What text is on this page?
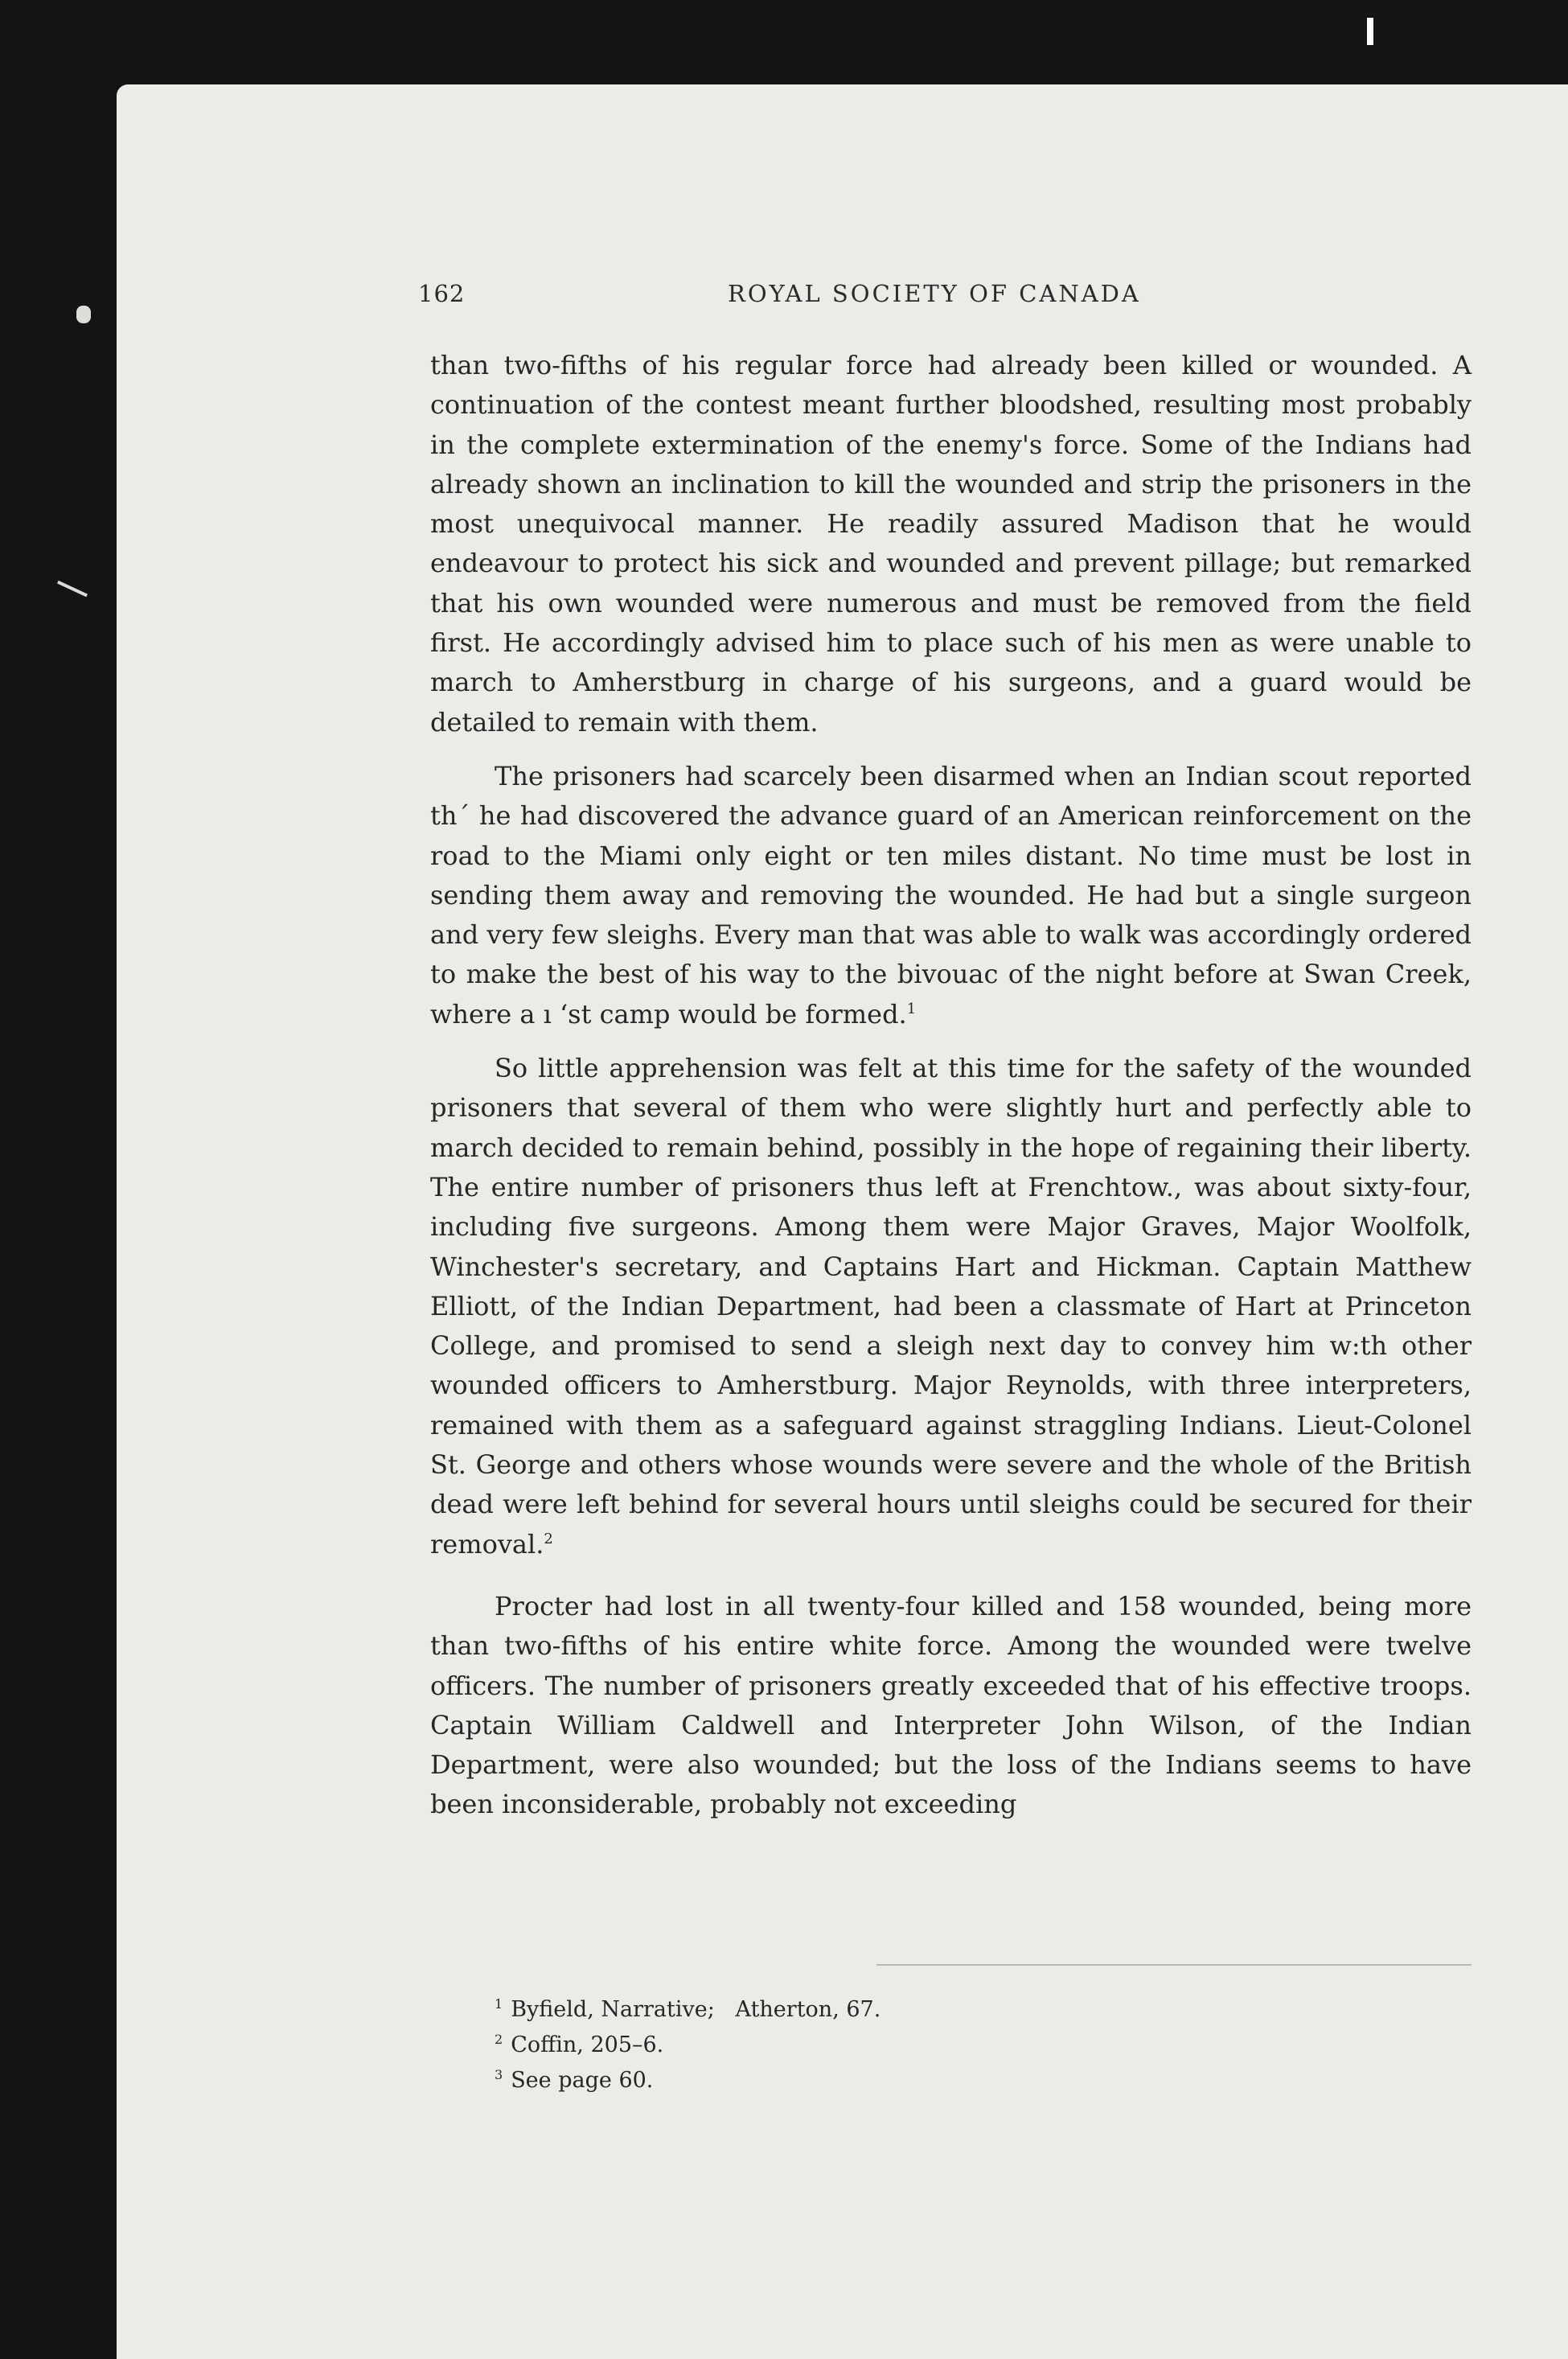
162	ROYAL SOCIETY OF CANADA

than two-fifths of his regular force had already been killed or wounded. A continuation of the contest meant further bloodshed, resulting most probably in the complete extermination of the enemy's force. Some of the Indians had already shown an inclination to kill the wounded and strip the prisoners in the most unequivocal manner. He readily assured Madison that he would endeavour to protect his sick and wounded and prevent pillage; but remarked that his own wounded were numerous and must be removed from the field first. He accordingly advised him to place such of his men as were unable to march to Amherstburg in charge of his surgeons, and a guard would be detailed to remain with them.

The prisoners had scarcely been disarmed when an Indian scout reported th´ he had discovered the advance guard of an American reinforcement on the road to the Miami only eight or ten miles distant. No time must be lost in sending them away and removing the wounded. He had but a single surgeon and very few sleighs. Every man that was able to walk was accordingly ordered to make the best of his way to the bivouac of the night before at Swan Creek, where a ı ‘st camp would be formed.$^1$

So little apprehension was felt at this time for the safety of the wounded prisoners that several of them who were slightly hurt and perfectly able to march decided to remain behind, possibly in the hope of regaining their liberty. The entire number of prisoners thus left at Frenchtow., was about sixty-four, including five surgeons. Among them were Major Graves, Major Woolfolk, Winchester's secretary, and Captains Hart and Hickman. Captain Matthew Elliott, of the Indian Department, had been a classmate of Hart at Princeton College, and promised to send a sleigh next day to convey him w:th other wounded officers to Amherstburg. Major Reynolds, with three interpreters, remained with them as a safeguard against straggling Indians. Lieut-Colonel St. George and others whose wounds were severe and the whole of the British dead were left behind for several hours until sleighs could be secured for their removal.$^2$

Procter had lost in all twenty-four killed and 158 wounded, being more than two-fifths of his entire white force. Among the wounded were twelve officers. The number of prisoners greatly exceeded that of his effective troops. Captain William Caldwell and Interpreter John Wilson, of the Indian Department, were also wounded; but the loss of the Indians seems to have been inconsiderable, probably not exceeding

$^1$ Byfield, Narrative;   Atherton, 67.
$^2$ Coffin, 205–6.
$^3$ See page 60.
